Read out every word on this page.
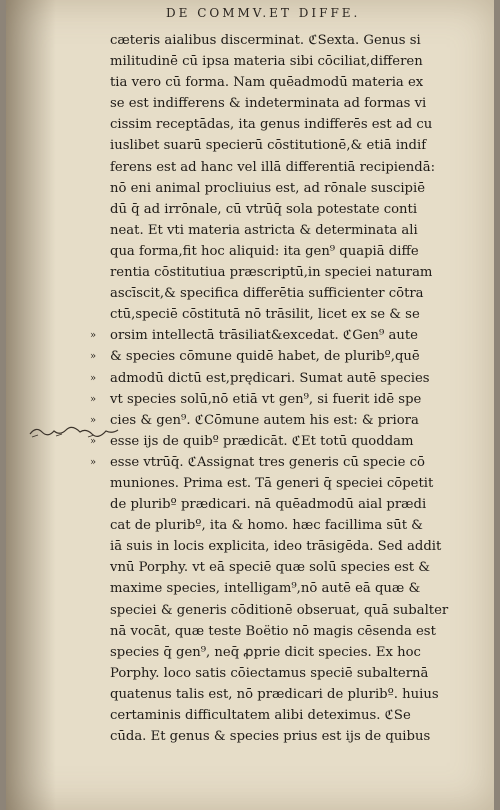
DE COMMV.ET DIFFE.
cæteris aialibus discerminat. ℭSexta. Genus si
militudinē cū ipsa materia sibi cōciliat,differen
tia vero cū forma. Nam quēadmodū materia ex
se est indifferens & indeterminata ad formas vi
cissim receptādas, ita genus indifferēs est ad cu
iuslibet suarū specierū cōstitutionē,& etiā indif
ferens est ad hanc vel illā differentiā recipiendā:
nō eni animal procliuius est, ad rōnale suscipiē
dū q̄ ad irrōnale, cū vtrūq̄ sola potestate conti
neat. Et vti materia astricta & determinata ali
qua forma,fit hoc aliquid: ita gen⁹ quapiā diffe
rentia cōstitutiua præscriptū,in speciei naturam
ascīscit,& specifica differētia sufficienter cōtra
ctū,speciē cōstitutā nō trāsilit, licet ex se & se
» orsim intellectā trāsiliat&excedat. ℭGen⁹ aute
» & species cōmune quidē habet, de pluribº,quē
» admodū dictū est,prędicari. Sumat autē species
» vt species solū,nō etiā vt gen⁹, si fuerit idē spe
» cies & gen⁹. ℭCōmune autem his est: & priora
» esse ijs de quibº prædicāt. ℭEt totū quoddam
» esse vtrūq̄. ℭAssignat tres generis cū specie cō
muniones. Prima est. Tā generi q̄ speciei cōpetit
de pluribº prædicari. nā quēadmodū aial prædi
cat de pluribº, ita & homo. hæc facillima sūt &
iā suis in locis explicita, ideo trāsigēda. Sed addit
vnū Porphy. vt eā speciē quæ solū species est &
maxime species, intelligam⁹,nō autē eā quæ &
speciei & generis cōditionē obseruat, quā subalter
nā vocāt, quæ teste Boëtio nō magis cēsenda est
species q̄ gen⁹, neq̄ ꝓprie dicit species. Ex hoc
Porphy. loco satis cōiectamus speciē subalternā
quatenus talis est, nō prædicari de pluribº. huius
certaminis difficultatem alibi deteximus. ℭSe
cūda. Et genus & species prius est ijs de quibus
